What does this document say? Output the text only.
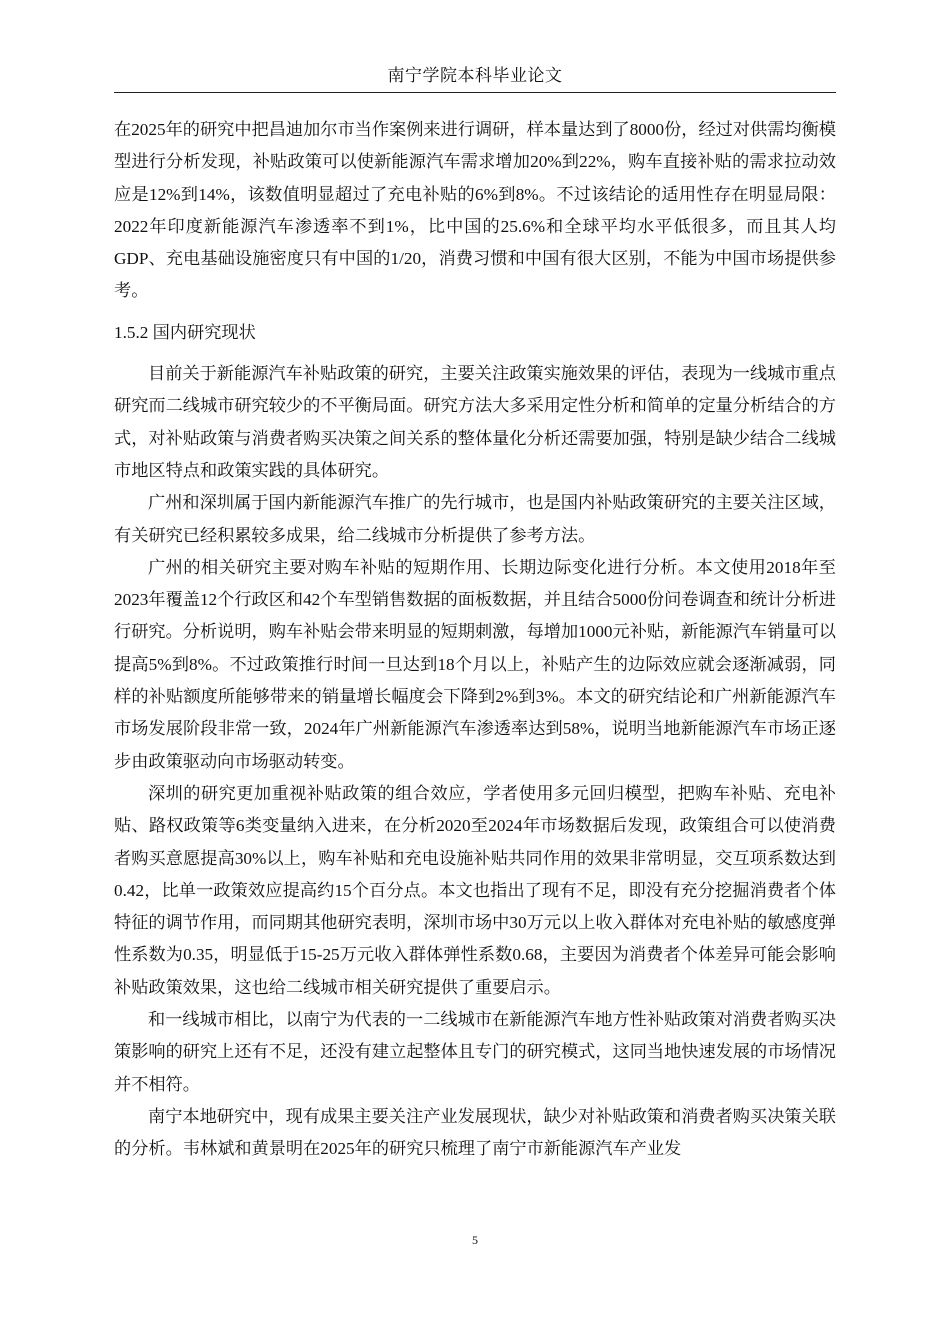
南宁学院本科毕业论文

在2025年的研究中把昌迪加尔市当作案例来进行调研，样本量达到了8000份，经过对供需均衡模型进行分析发现，补贴政策可以使新能源汽车需求增加20%到22%，购车直接补贴的需求拉动效应是12%到14%，该数值明显超过了充电补贴的6%到8%。不过该结论的适用性存在明显局限：2022年印度新能源汽车渗透率不到1%，比中国的25.6%和全球平均水平低很多，而且其人均GDP、充电基础设施密度只有中国的1/20，消费习惯和中国有很大区别，不能为中国市场提供参考。

1.5.2 国内研究现状

目前关于新能源汽车补贴政策的研究，主要关注政策实施效果的评估，表现为一线城市重点研究而二线城市研究较少的不平衡局面。研究方法大多采用定性分析和简单的定量分析结合的方式，对补贴政策与消费者购买决策之间关系的整体量化分析还需要加强，特别是缺少结合二线城市地区特点和政策实践的具体研究。

广州和深圳属于国内新能源汽车推广的先行城市，也是国内补贴政策研究的主要关注区域，有关研究已经积累较多成果，给二线城市分析提供了参考方法。

广州的相关研究主要对购车补贴的短期作用、长期边际变化进行分析。本文使用2018年至2023年覆盖12个行政区和42个车型销售数据的面板数据，并且结合5000份问卷调查和统计分析进行研究。分析说明，购车补贴会带来明显的短期刺激，每增加1000元补贴，新能源汽车销量可以提高5%到8%。不过政策推行时间一旦达到18个月以上，补贴产生的边际效应就会逐渐减弱，同样的补贴额度所能够带来的销量增长幅度会下降到2%到3%。本文的研究结论和广州新能源汽车市场发展阶段非常一致，2024年广州新能源汽车渗透率达到58%，说明当地新能源汽车市场正逐步由政策驱动向市场驱动转变。

深圳的研究更加重视补贴政策的组合效应，学者使用多元回归模型，把购车补贴、充电补贴、路权政策等6类变量纳入进来，在分析2020至2024年市场数据后发现，政策组合可以使消费者购买意愿提高30%以上，购车补贴和充电设施补贴共同作用的效果非常明显，交互项系数达到0.42，比单一政策效应提高约15个百分点。本文也指出了现有不足，即没有充分挖掘消费者个体特征的调节作用，而同期其他研究表明，深圳市场中30万元以上收入群体对充电补贴的敏感度弹性系数为0.35，明显低于15-25万元收入群体弹性系数0.68，主要因为消费者个体差异可能会影响补贴政策效果，这也给二线城市相关研究提供了重要启示。

和一线城市相比，以南宁为代表的一二线城市在新能源汽车地方性补贴政策对消费者购买决策影响的研究上还有不足，还没有建立起整体且专门的研究模式，这同当地快速发展的市场情况并不相符。

南宁本地研究中，现有成果主要关注产业发展现状，缺少对补贴政策和消费者购买决策关联的分析。韦林斌和黄景明在2025年的研究只梳理了南宁市新能源汽车产业发

5
